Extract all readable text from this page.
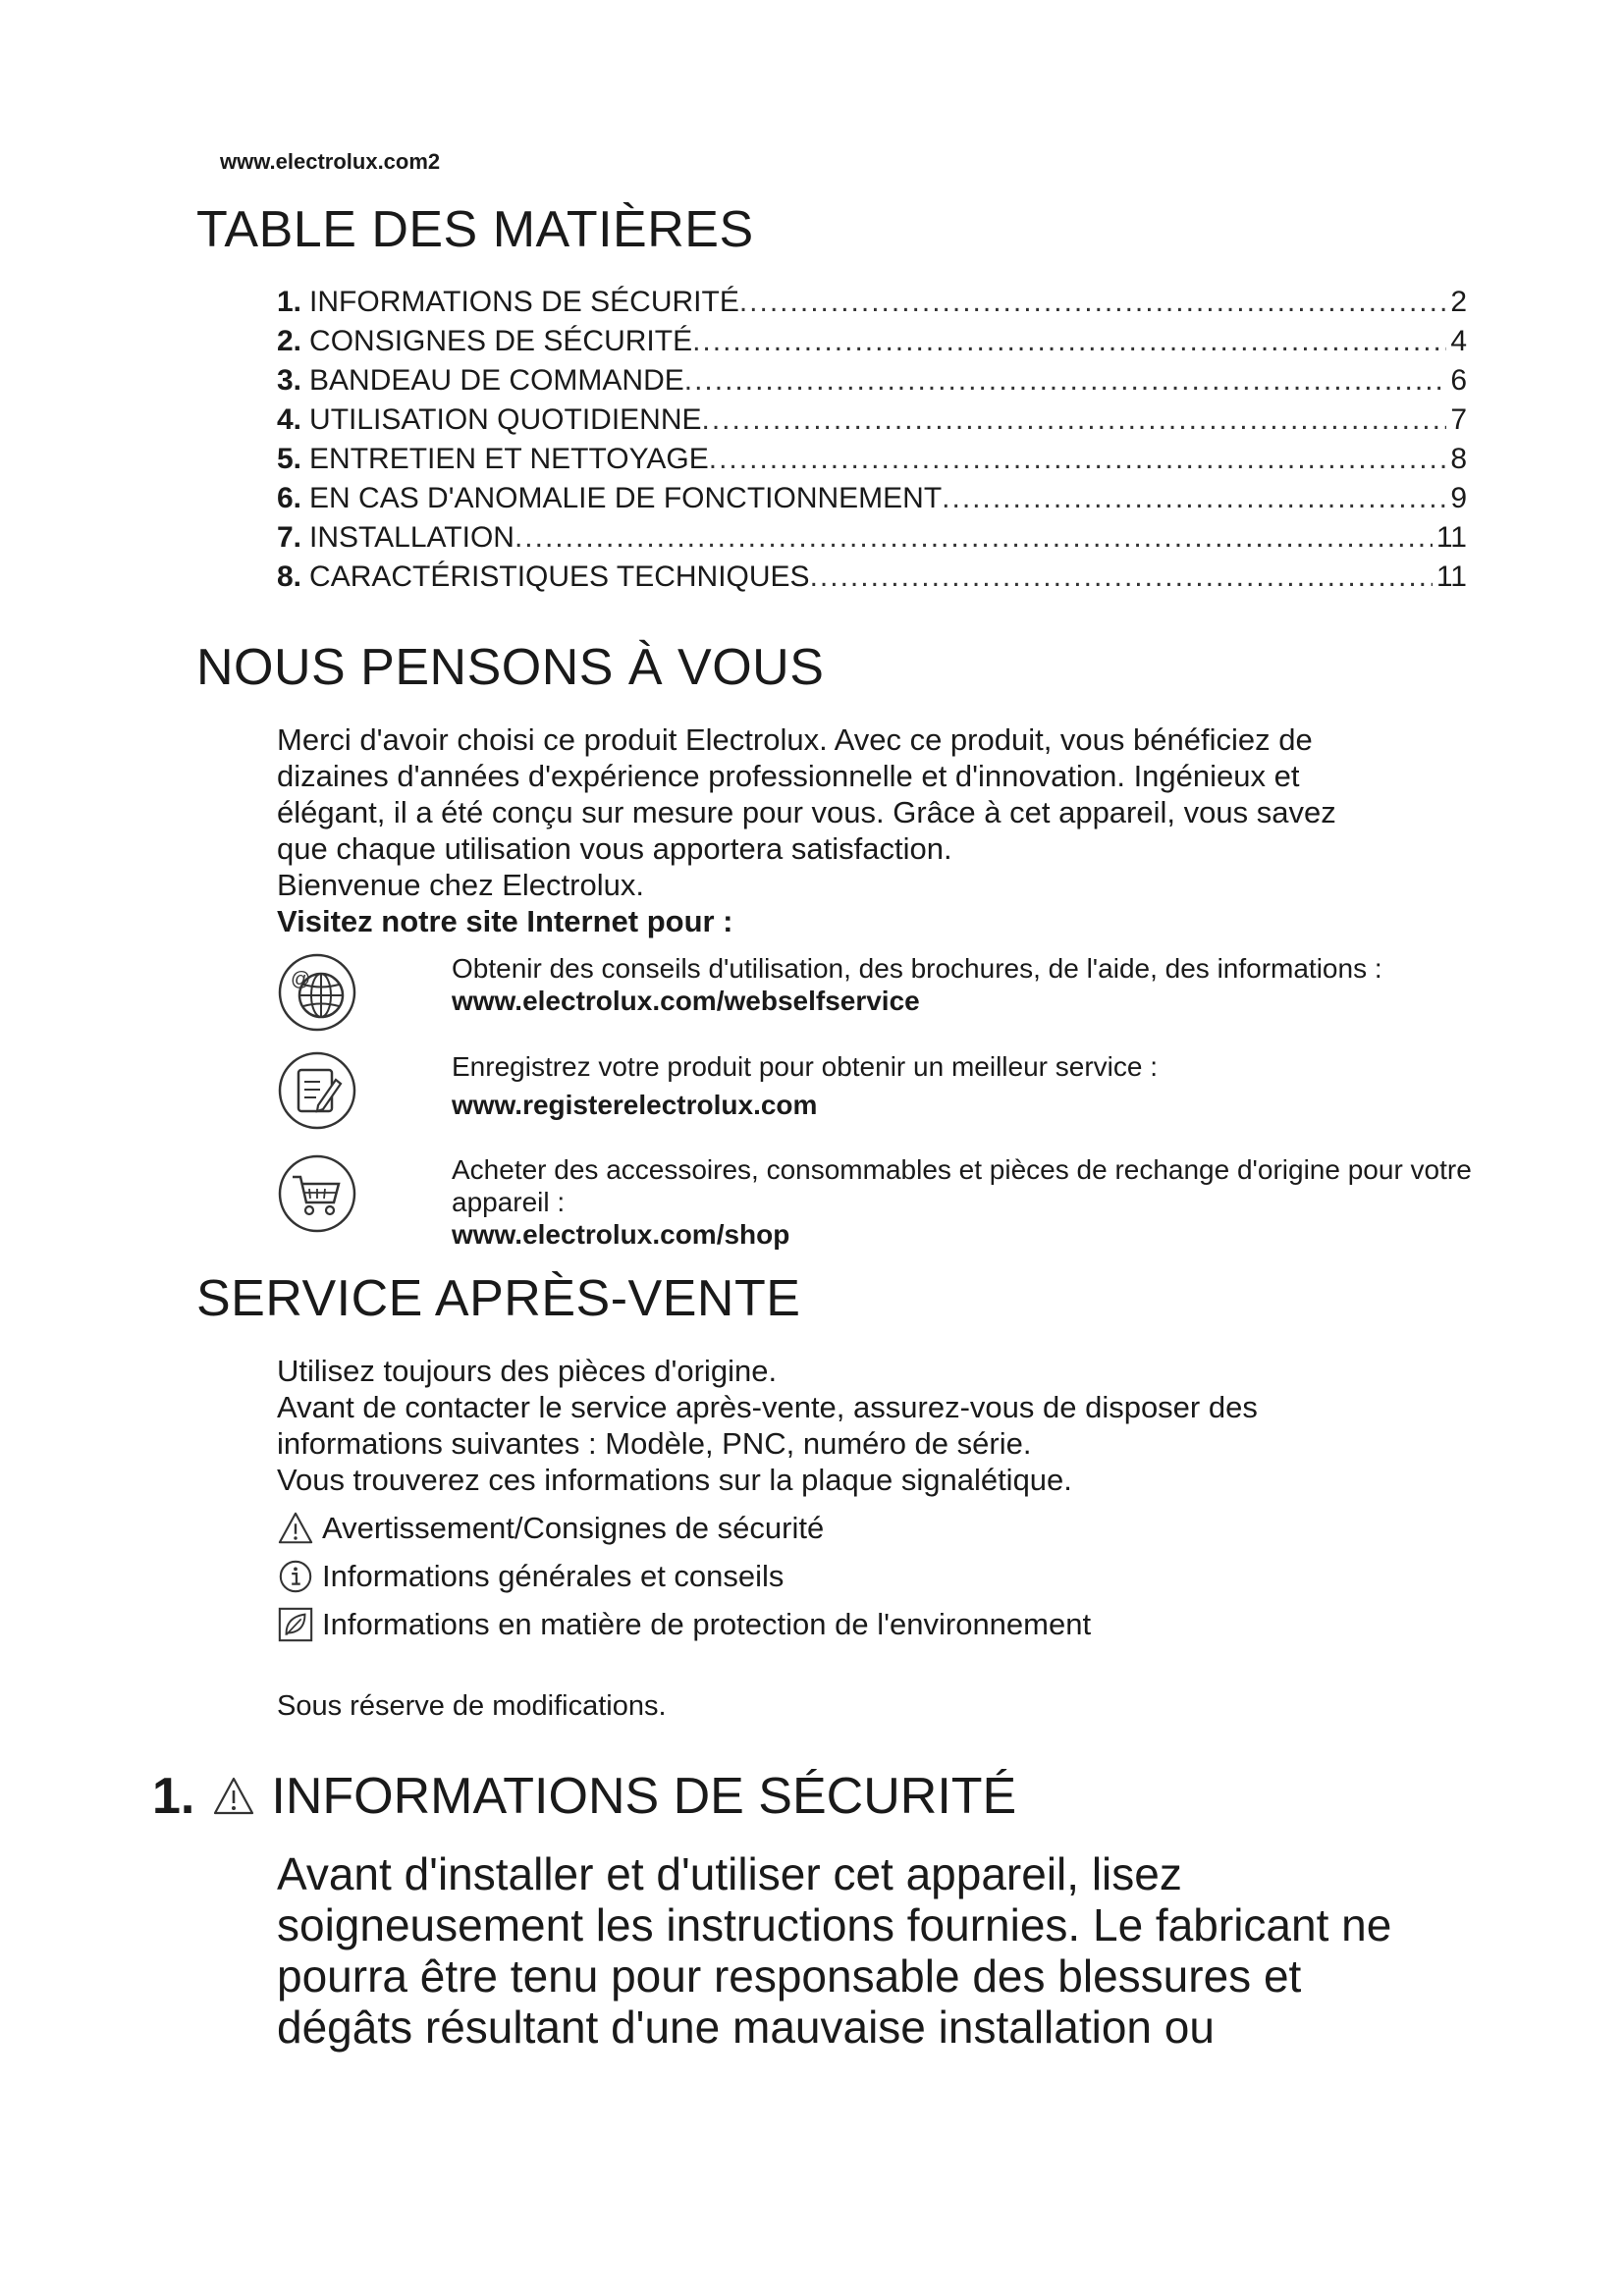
www.electrolux.com2
TABLE DES MATIÈRES
1. INFORMATIONS DE SÉCURITÉ .....	2
2. CONSIGNES DE SÉCURITÉ .....	4
3. BANDEAU DE COMMANDE .....	6
4. UTILISATION QUOTIDIENNE .....	7
5. ENTRETIEN ET NETTOYAGE .....	8
6. EN CAS D'ANOMALIE DE FONCTIONNEMENT .....	9
7. INSTALLATION .....	11
8. CARACTÉRISTIQUES TECHNIQUES .....	11
NOUS PENSONS À VOUS

Merci d'avoir choisi ce produit Electrolux. Avec ce produit, vous bénéficiez de

dizaines d'années d'expérience professionnelle et d'innovation. Ingénieux et

élégant, il a été conçu sur mesure pour vous. Grâce à cet appareil, vous savez

que chaque utilisation vous apportera satisfaction.

Bienvenue chez Electrolux.

Visitez notre site Internet pour :

@	Obtenir des conseils d'utilisation, des brochures, de l'aide, des informations :
www.electrolux.com/webselfservice
Enregistrez votre produit pour obtenir un meilleur service :
www.registerelectrolux.com
Acheter des accessoires, consommables et pièces de rechange d'origine pour votre appareil :
www.electrolux.com/shop
SERVICE APRÈS-VENTE

Utilisez toujours des pièces d'origine.

Avant de contacter le service après-vente, assurez-vous de disposer des

informations suivantes : Modèle, PNC, numéro de série.

Vous trouverez ces informations sur la plaque signalétique.

Avertissement/Consignes de sécurité
Informations générales et conseils
Informations en matière de protection de l'environnement
Sous réserve de modifications.
1. INFORMATIONS DE SÉCURITÉ
Avant d'installer et d'utiliser cet appareil, lisez
soigneusement les instructions fournies. Le fabricant ne
pourra être tenu pour responsable des blessures et
dégâts résultant d'une mauvaise installation ou
